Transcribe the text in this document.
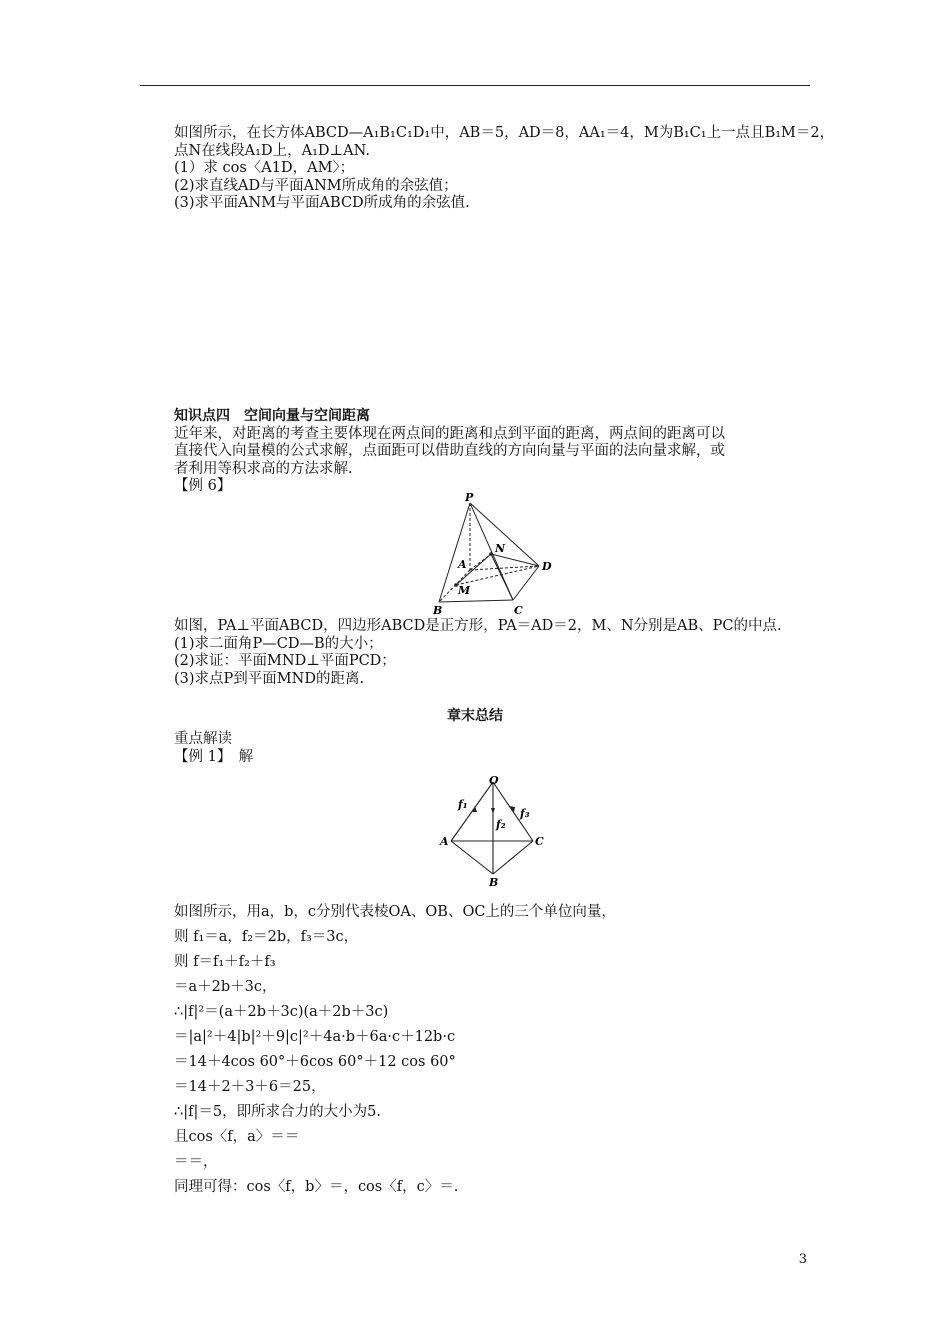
如图所示，在长方体ABCD—A₁B₁C₁D₁中，AB＝5，AD＝8，AA₁＝4，M为B₁C₁上一点且B₁M＝2，
点N在线段A₁D上，A₁D⊥AN.
(1）求 cos〈A1D，AM〉；
(2)求直线AD与平面ANM所成角的余弦值；
(3)求平面ANM与平面ABCD所成角的余弦值.
知识点四　空间向量与空间距离
近年来，对距离的考查主要体现在两点间的距离和点到平面的距离，两点间的距离可以
直接代入向量模的公式求解，点面距可以借助直线的方向向量与平面的法向量求解，或
者利用等积求高的方法求解.
【例 6】
P
A
N
D
M
B	C
如图，PA⊥平面ABCD，四边形ABCD是正方形，PA＝AD＝2，M、N分别是AB、PC的中点.
(1)求二面角P—CD—B的大小；
(2)求证：平面MND⊥平面PCD；
(3)求点P到平面MND的距离.
章末总结
重点解读
【例 1】　解
O
A	C
B
f₁
f₂
f₃
如图所示，用a，b，c分别代表棱OA、OB、OC上的三个单位向量，
则 f₁＝a，f₂＝2b，f₃＝3c，
则 f＝f₁＋f₂＋f₃
＝a＋2b＋3c，
∴|f|²＝(a＋2b＋3c)(a＋2b＋3c)
＝|a|²＋4|b|²＋9|c|²＋4a·b＋6a·c＋12b·c
＝14＋4cos 60°＋6cos 60°＋12 cos 60°
＝14＋2＋3＋6＝25，
∴|f|＝5，即所求合力的大小为5.
且cos〈f，a〉＝＝
＝＝，
同理可得：cos〈f，b〉＝，cos〈f，c〉＝.
3
